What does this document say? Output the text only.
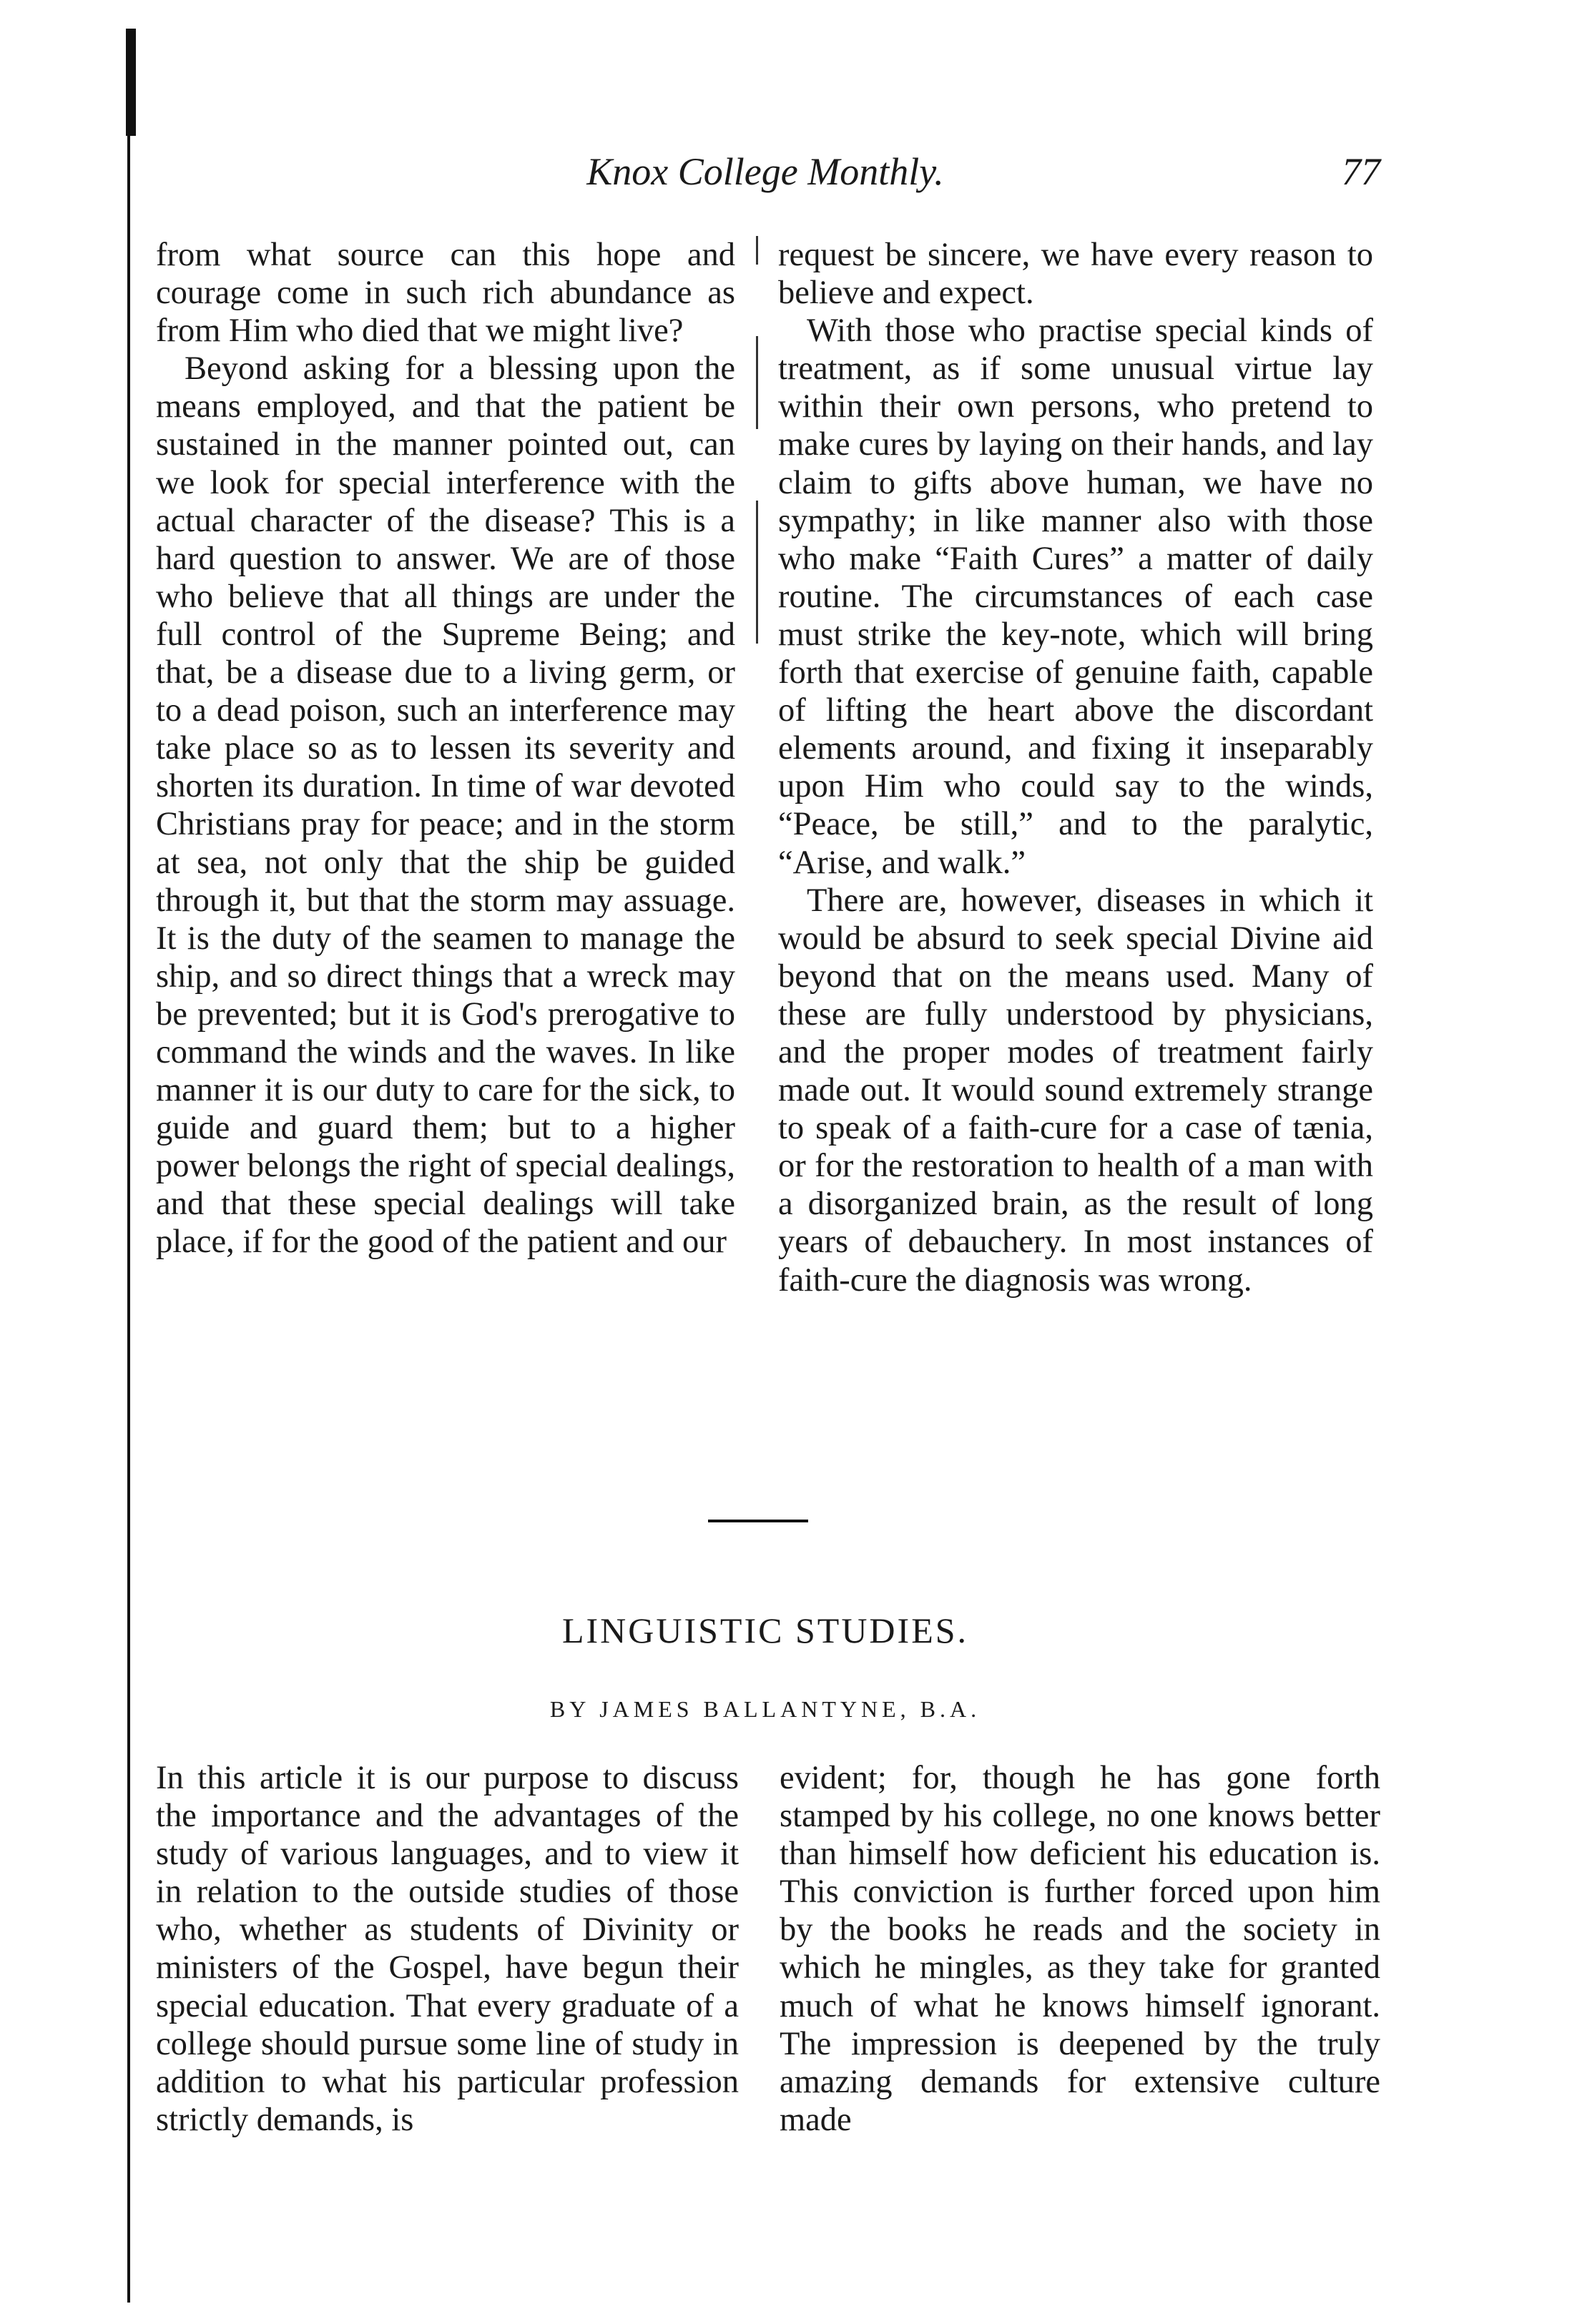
Knox College Monthly.	77

from what source can this hope and courage come in such rich abundance as from Him who died that we might live?

Beyond asking for a blessing upon the means employed, and that the patient be sustained in the manner pointed out, can we look for special interference with the actual character of the disease? This is a hard question to answer. We are of those who believe that all things are under the full control of the Supreme Being; and that, be a disease due to a living germ, or to a dead poison, such an interference may take place so as to lessen its severity and shorten its duration. In time of war devoted Christians pray for peace; and in the storm at sea, not only that the ship be guided through it, but that the storm may assuage. It is the duty of the seamen to manage the ship, and so direct things that a wreck may be prevented; but it is God's prerogative to command the winds and the waves. In like manner it is our duty to care for the sick, to guide and guard them; but to a higher power belongs the right of special dealings, and that these special dealings will take place, if for the good of the patient and our

request be sincere, we have every reason to believe and expect.

With those who practise special kinds of treatment, as if some unusual virtue lay within their own persons, who pretend to make cures by laying on their hands, and lay claim to gifts above human, we have no sympathy; in like manner also with those who make “Faith Cures” a matter of daily routine. The circumstances of each case must strike the key-note, which will bring forth that exercise of genuine faith, capable of lifting the heart above the discordant elements around, and fixing it inseparably upon Him who could say to the winds, “Peace, be still,” and to the paralytic, “Arise, and walk.”

There are, however, diseases in which it would be absurd to seek special Divine aid beyond that on the means used. Many of these are fully understood by physicians, and the proper modes of treatment fairly made out. It would sound extremely strange to speak of a faith-cure for a case of tænia, or for the restoration to health of a man with a disorganized brain, as the result of long years of debauchery. In most instances of faith-cure the diagnosis was wrong.

LINGUISTIC STUDIES.
BY JAMES BALLANTYNE, B.A.

In this article it is our purpose to discuss the importance and the advantages of the study of various languages, and to view it in relation to the outside studies of those who, whether as students of Divinity or ministers of the Gospel, have begun their special education. That every graduate of a college should pursue some line of study in addition to what his particular profession strictly demands, is

evident; for, though he has gone forth stamped by his college, no one knows better than himself how deficient his education is. This conviction is further forced upon him by the books he reads and the society in which he mingles, as they take for granted much of what he knows himself ignorant. The impression is deepened by the truly amazing demands for extensive culture made
